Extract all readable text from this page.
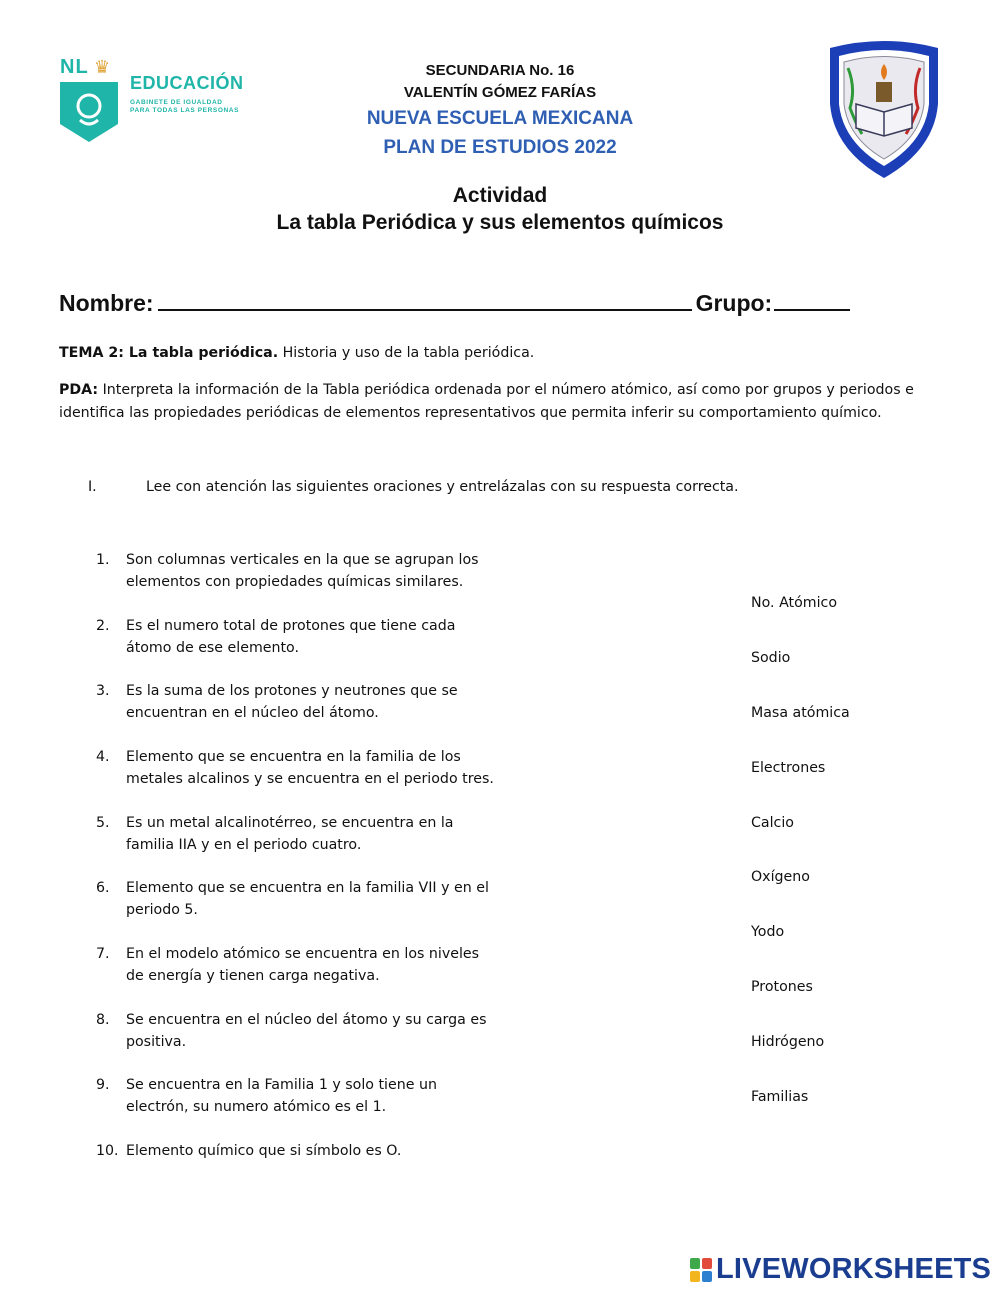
NL ♛
EDUCACIÓN
GABINETE DE IGUALDAD
PARA TODAS LAS PERSONAS
SECUNDARIA No. 16
VALENTÍN GÓMEZ FARÍAS
NUEVA ESCUELA MEXICANA
PLAN DE ESTUDIOS 2022
Actividad
La tabla Periódica y sus elementos químicos
Nombre:	Grupo:
TEMA 2: La tabla periódica. Historia y uso de la tabla periódica.
PDA: Interpreta la información de la Tabla periódica ordenada por el número atómico, así como por grupos y periodos e identifica las propiedades periódicas de elementos representativos que permita inferir su comportamiento químico.
I.	Lee con atención las siguientes oraciones y entrelázalas con su respuesta correcta.
1.	Son columnas verticales en la que se agrupan los
elementos con propiedades químicas similares.
2.	Es el numero total de protones que tiene cada
átomo de ese elemento.
3.	Es la suma de los protones y neutrones que se
encuentran en el núcleo del átomo.
4.	Elemento que se encuentra en la familia de los
metales alcalinos y se encuentra en el periodo tres.
5.	Es un metal alcalinotérreo, se encuentra en la
familia IIA y en el periodo cuatro.
6.	Elemento que se encuentra en la familia VII y en el
periodo 5.
7.	En el modelo atómico se encuentra en los niveles
de energía y tienen carga negativa.
8.	Se encuentra en el núcleo del átomo y su carga es
positiva.
9.	Se encuentra en la Familia 1 y solo tiene un
electrón, su numero atómico es el 1.
10. Elemento químico que si símbolo es O.
No. Atómico
Sodio
Masa atómica
Electrones
Calcio
Oxígeno
Yodo
Protones
Hidrógeno
Familias
LIVEWORKSHEETS
